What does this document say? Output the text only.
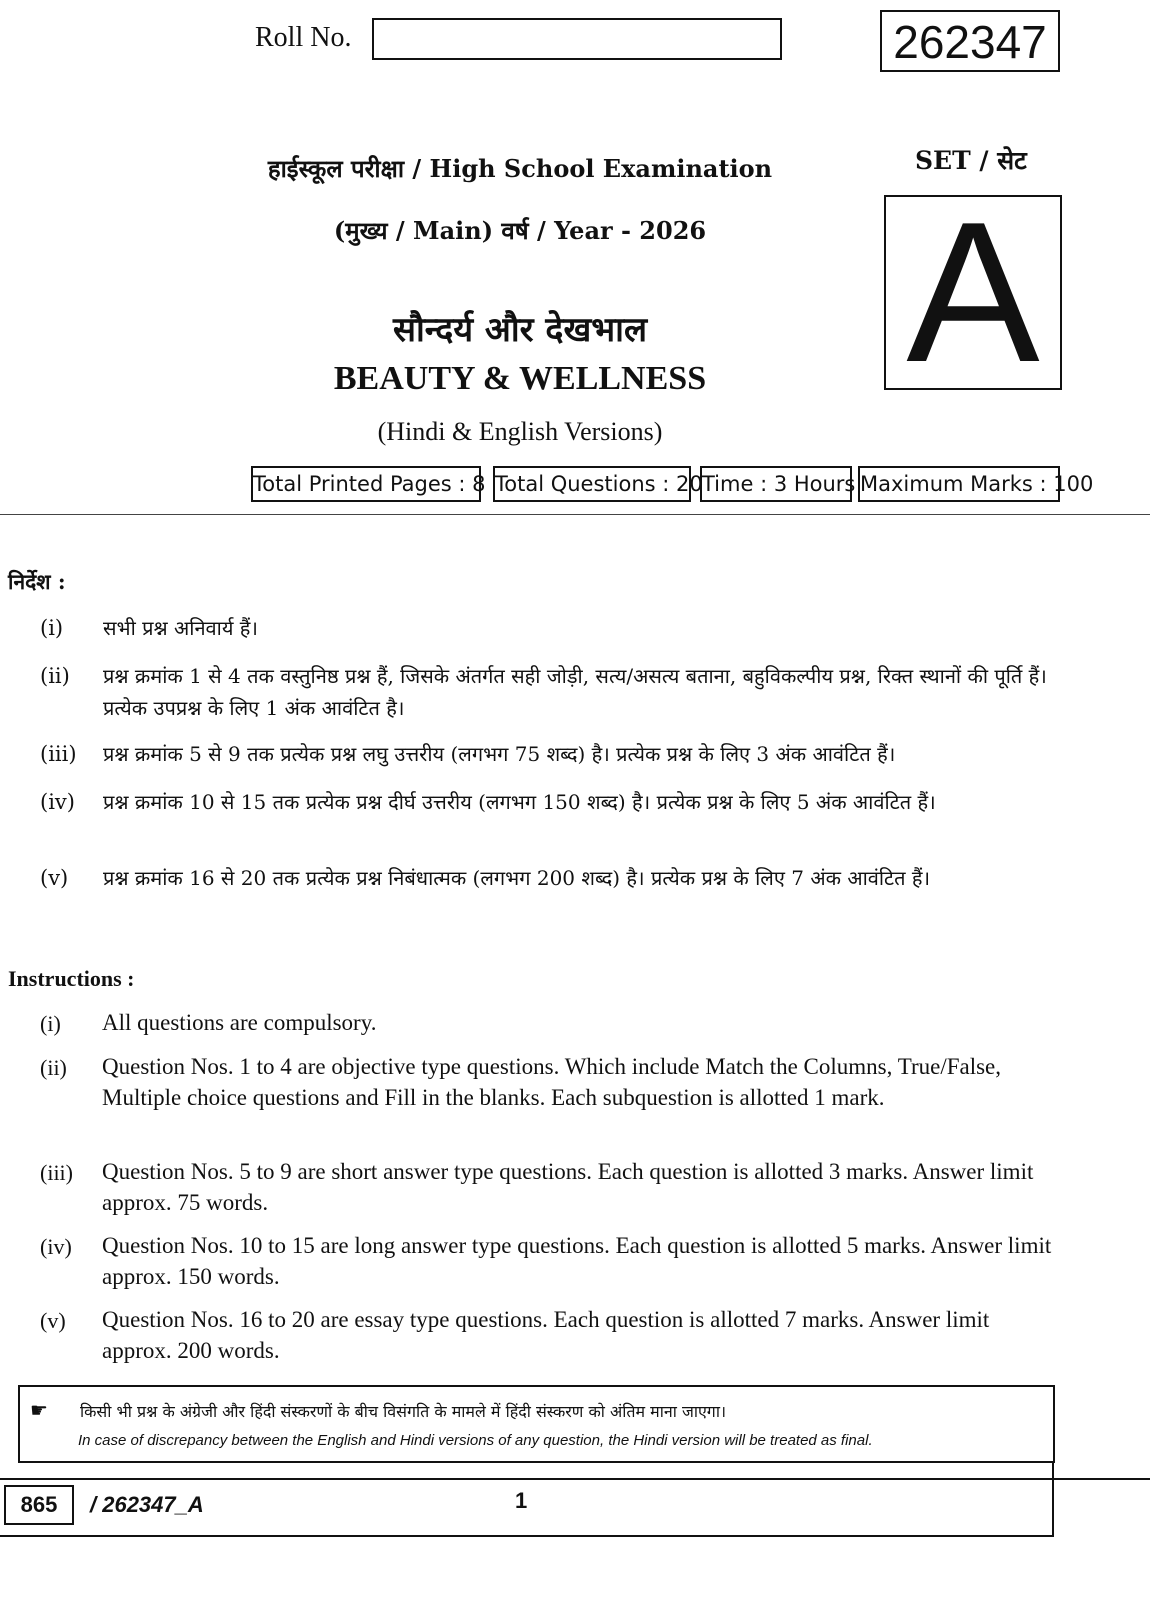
Roll No.	262347
SET / सेट
A
हाईस्कूल परीक्षा / High School Examination
(मुख्य / Main) वर्ष / Year - 2026
सौन्दर्य और देखभाल
BEAUTY & WELLNESS
(Hindi & English Versions)
Total Printed Pages : 8 Total Questions : 20 Time : 3 Hours Maximum Marks : 100
निर्देश :
(i)	सभी प्रश्न अनिवार्य हैं।
(ii)	प्रश्न क्रमांक 1 से 4 तक वस्तुनिष्ठ प्रश्न हैं, जिसके अंतर्गत सही जोड़ी, सत्य/असत्य बताना, बहुविकल्पीय प्रश्न, रिक्त स्थानों की पूर्ति हैं। प्रत्येक उपप्रश्न के लिए 1 अंक आवंटित है।
(iii)	प्रश्न क्रमांक 5 से 9 तक प्रत्येक प्रश्न लघु उत्तरीय (लगभग 75 शब्द) है। प्रत्येक प्रश्न के लिए 3 अंक आवंटित हैं।
(iv)	प्रश्न क्रमांक 10 से 15 तक प्रत्येक प्रश्न दीर्घ उत्तरीय (लगभग 150 शब्द) है। प्रत्येक प्रश्न के लिए 5 अंक आवंटित हैं।
(v)	प्रश्न क्रमांक 16 से 20 तक प्रत्येक प्रश्न निबंधात्मक (लगभग 200 शब्द) है। प्रत्येक प्रश्न के लिए 7 अंक आवंटित हैं।
Instructions :
(i) All questions are compulsory.
(ii) Question Nos. 1 to 4 are objective type questions. Which include Match the Columns, True/False, Multiple choice questions and Fill in the blanks. Each subquestion is allotted 1 mark.
(iii) Question Nos. 5 to 9 are short answer type questions. Each question is allotted 3 marks. Answer limit approx. 75 words.
(iv) Question Nos. 10 to 15 are long answer type questions. Each question is allotted 5 marks. Answer limit approx. 150 words.
(v) Question Nos. 16 to 20 are essay type questions. Each question is allotted 7 marks. Answer limit approx. 200 words.
☛ किसी भी प्रश्न के अंग्रेजी और हिंदी संस्करणों के बीच विसंगति के मामले में हिंदी संस्करण को अंतिम माना जाएगा।
In case of discrepancy between the English and Hindi versions of any question, the Hindi version will be treated as final.
865	/ 262347_A	1
